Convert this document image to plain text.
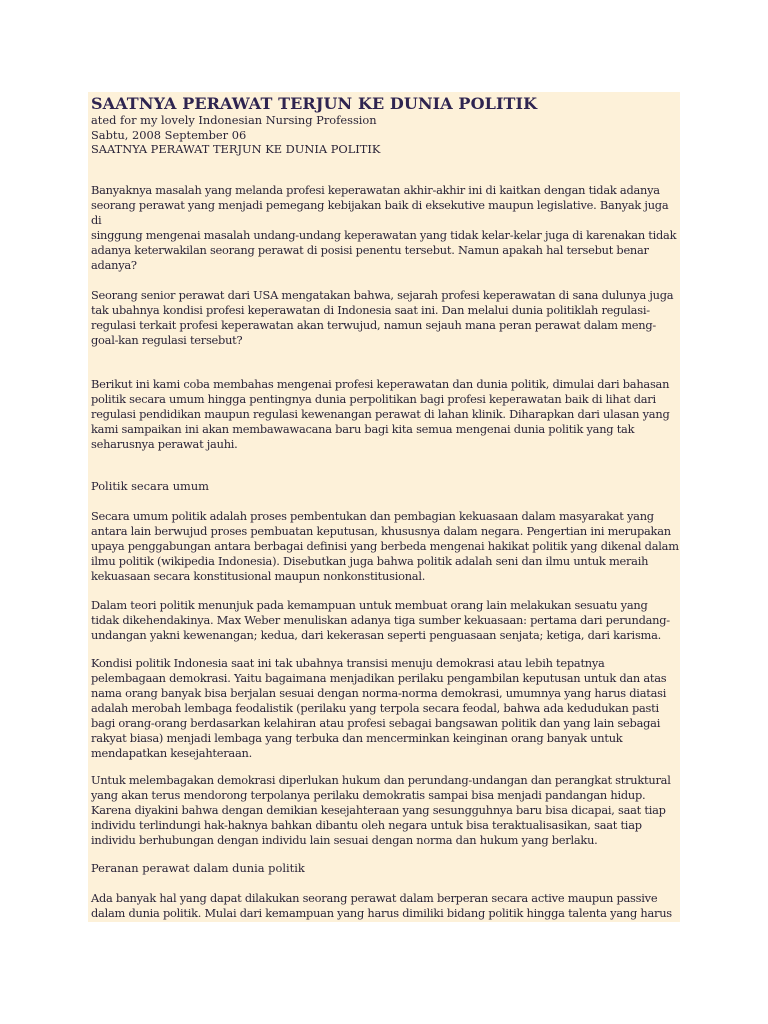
SAATNYA PERAWAT TERJUN KE DUNIA POLITIK
ated for my lovely Indonesian Nursing Profession
Sabtu, 2008 September 06
SAATNYA PERAWAT TERJUN KE DUNIA POLITIK

Banyaknya masalah yang melanda profesi keperawatan akhir-akhir ini di kaitkan dengan tidak adanya
seorang perawat yang menjadi pemegang kebijakan baik di eksekutive maupun legislative. Banyak juga di
singgung mengenai masalah undang-undang keperawatan yang tidak kelar-kelar juga di karenakan tidak
adanya keterwakilan seorang perawat di posisi penentu tersebut. Namun apakah hal tersebut benar
adanya?

Seorang senior perawat dari USA mengatakan bahwa, sejarah profesi keperawatan di sana dulunya juga
tak ubahnya kondisi profesi keperawatan di Indonesia saat ini. Dan melalui dunia politiklah regulasi-
regulasi terkait profesi keperawatan akan terwujud, namun sejauh mana peran perawat dalam meng-
goal-kan regulasi tersebut?

Berikut ini kami coba membahas mengenai profesi keperawatan dan dunia politik, dimulai dari bahasan
politik secara umum hingga pentingnya dunia perpolitikan bagi profesi keperawatan baik di lihat dari
regulasi pendidikan maupun regulasi kewenangan perawat di lahan klinik. Diharapkan dari ulasan yang
kami sampaikan ini akan membawawacana baru bagi kita semua mengenai dunia politik yang tak
seharusnya perawat jauhi.

Politik secara umum

Secara umum politik adalah proses pembentukan dan pembagian kekuasaan dalam masyarakat yang
antara lain berwujud proses pembuatan keputusan, khususnya dalam negara. Pengertian ini merupakan
upaya penggabungan antara berbagai definisi yang berbeda mengenai hakikat politik yang dikenal dalam
ilmu politik (wikipedia Indonesia). Disebutkan juga bahwa politik adalah seni dan ilmu untuk meraih
kekuasaan secara konstitusional maupun nonkonstitusional.

Dalam teori politik menunjuk pada kemampuan untuk membuat orang lain melakukan sesuatu yang
tidak dikehendakinya. Max Weber menuliskan adanya tiga sumber kekuasaan: pertama dari perundang-
undangan yakni kewenangan; kedua, dari kekerasan seperti penguasaan senjata; ketiga, dari karisma.

Kondisi politik Indonesia saat ini tak ubahnya transisi menuju demokrasi atau lebih tepatnya
pelembagaan demokrasi. Yaitu bagaimana menjadikan perilaku pengambilan keputusan untuk dan atas
nama orang banyak bisa berjalan sesuai dengan norma-norma demokrasi, umumnya yang harus diatasi
adalah merobah lembaga feodalistik (perilaku yang terpola secara feodal, bahwa ada kedudukan pasti
bagi orang-orang berdasarkan kelahiran atau profesi sebagai bangsawan politik dan yang lain sebagai
rakyat biasa) menjadi lembaga yang terbuka dan mencerminkan keinginan orang banyak untuk
mendapatkan kesejahteraan.

Untuk melembagakan demokrasi diperlukan hukum dan perundang-undangan dan perangkat struktural
yang akan terus mendorong terpolanya perilaku demokratis sampai bisa menjadi pandangan hidup.
Karena diyakini bahwa dengan demikian kesejahteraan yang sesungguhnya baru bisa dicapai, saat tiap
individu terlindungi hak-haknya bahkan dibantu oleh negara untuk bisa teraktualisasikan, saat tiap
individu berhubungan dengan individu lain sesuai dengan norma dan hukum yang berlaku.

Peranan perawat dalam dunia politik

Ada banyak hal yang dapat dilakukan seorang perawat dalam berperan secara active maupun passive
dalam dunia politik. Mulai dari kemampuan yang harus dimiliki bidang politik hingga talenta yang harus
